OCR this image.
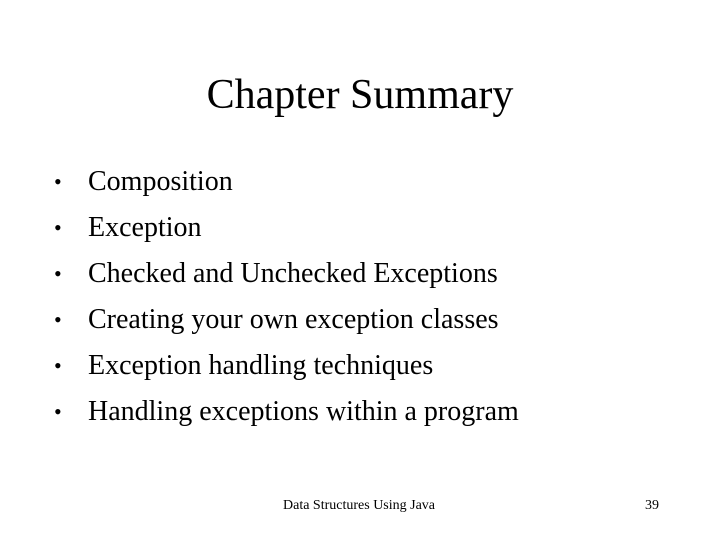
Chapter Summary
• Composition
• Exception
• Checked and Unchecked Exceptions
• Creating your own exception classes
• Exception handling techniques
• Handling exceptions within a program
Data Structures Using Java	39
